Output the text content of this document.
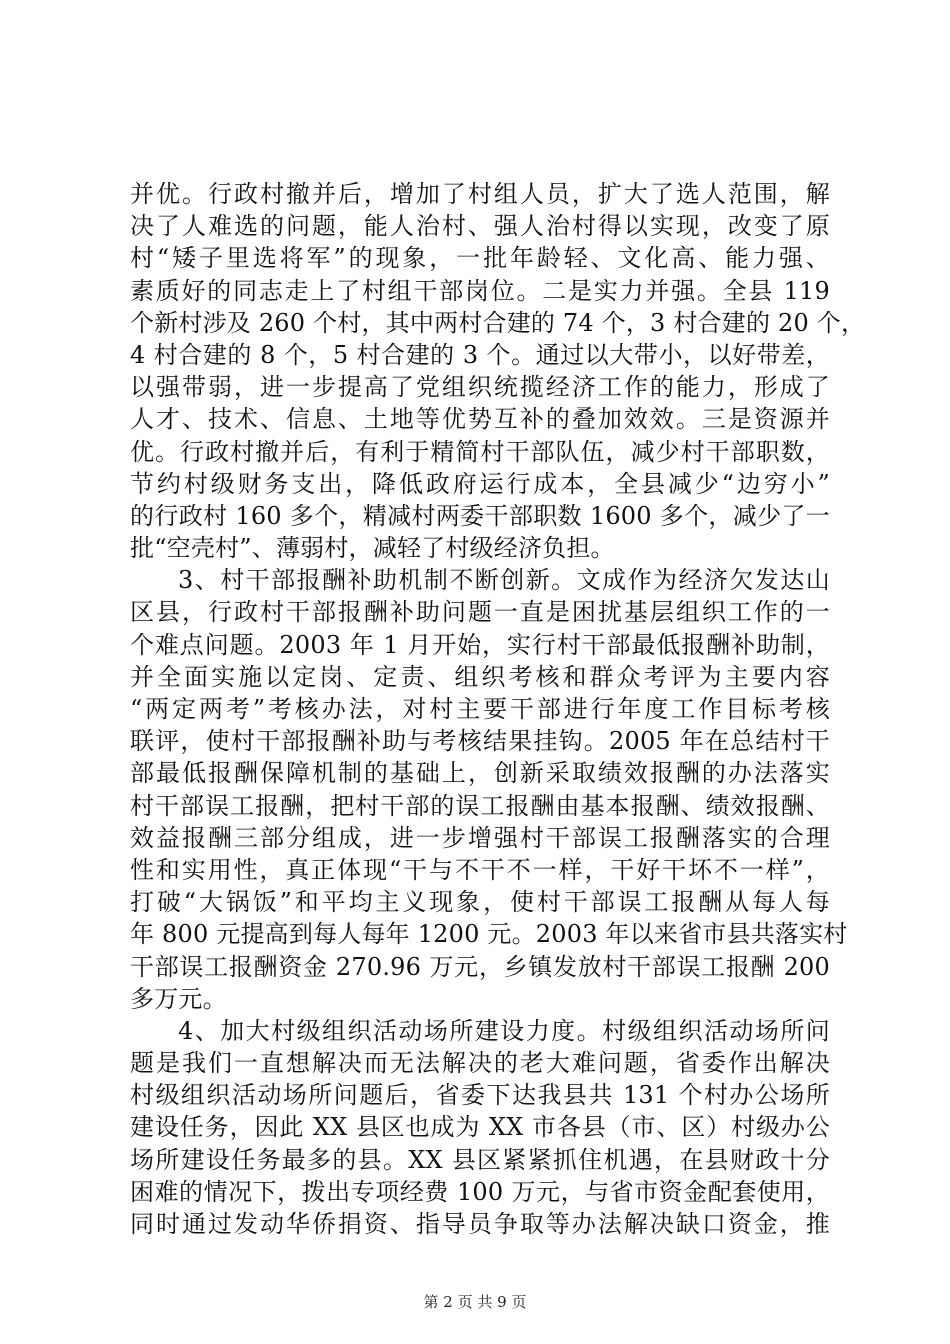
并优。行政村撤并后，增加了村组人员，扩大了选人范围，解
决了人难选的问题，能人治村、强人治村得以实现，改变了原
村“矮子里选将军”的现象，一批年龄轻、文化高、能力强、
素质好的同志走上了村组干部岗位。二是实力并强。全县 119
个新村涉及 260 个村，其中两村合建的 74 个，3 村合建的 20 个，
4 村合建的 8 个，5 村合建的 3 个。通过以大带小，以好带差，
以强带弱，进一步提高了党组织统揽经济工作的能力，形成了
人才、技术、信息、土地等优势互补的叠加效效。三是资源并
优。行政村撤并后，有利于精简村干部队伍，减少村干部职数，
节约村级财务支出，降低政府运行成本，全县减少“边穷小”
的行政村 160 多个，精减村两委干部职数 1600 多个，减少了一
批“空壳村”、薄弱村，减轻了村级经济负担。
3、村干部报酬补助机制不断创新。文成作为经济欠发达山
区县，行政村干部报酬补助问题一直是困扰基层组织工作的一
个难点问题。2003 年 1 月开始，实行村干部最低报酬补助制，
并全面实施以定岗、定责、组织考核和群众考评为主要内容
“两定两考”考核办法，对村主要干部进行年度工作目标考核
联评，使村干部报酬补助与考核结果挂钩。2005 年在总结村干
部最低报酬保障机制的基础上，创新采取绩效报酬的办法落实
村干部误工报酬，把村干部的误工报酬由基本报酬、绩效报酬、
效益报酬三部分组成，进一步增强村干部误工报酬落实的合理
性和实用性，真正体现“干与不干不一样，干好干坏不一样”，
打破“大锅饭”和平均主义现象，使村干部误工报酬从每人每
年 800 元提高到每人每年 1200 元。2003 年以来省市县共落实村
干部误工报酬资金 270.96 万元，乡镇发放村干部误工报酬 200
多万元。
4、加大村级组织活动场所建设力度。村级组织活动场所问
题是我们一直想解决而无法解决的老大难问题，省委作出解决
村级组织活动场所问题后，省委下达我县共 131 个村办公场所
建设任务，因此 XX 县区也成为 XX 市各县（市、区）村级办公
场所建设任务最多的县。XX 县区紧紧抓住机遇，在县财政十分
困难的情况下，拨出专项经费 100 万元，与省市资金配套使用，
同时通过发动华侨捐资、指导员争取等办法解决缺口资金，推
第 2 页 共 9 页
